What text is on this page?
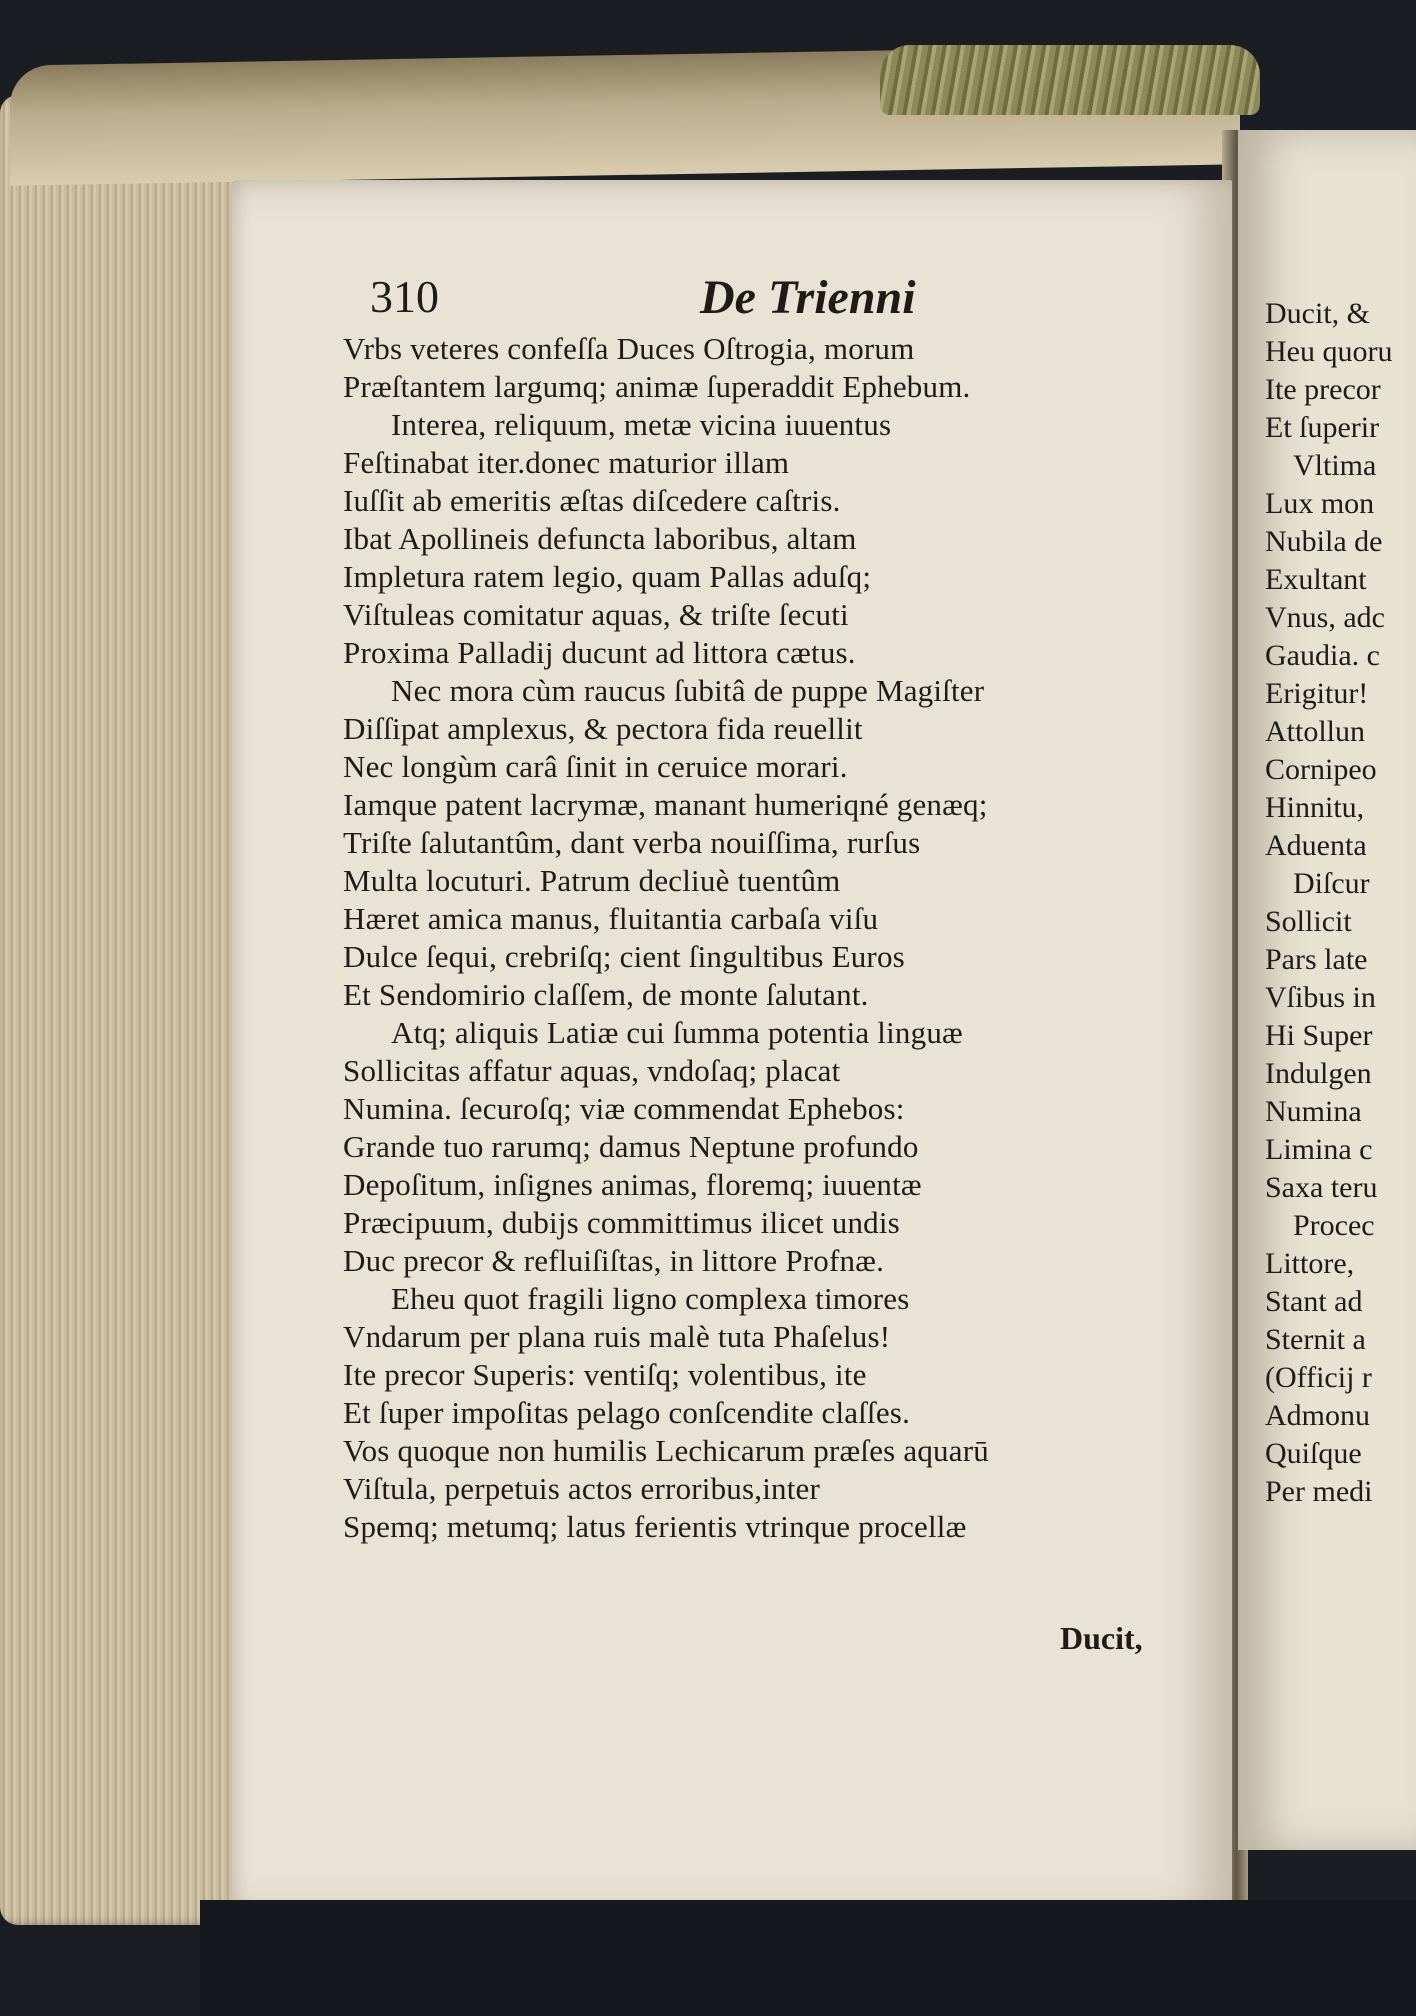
310	De Trienni
Vrbs veteres confeſſa Duces Oſtrogia, morum
Præſtantem largumq; animæ ſuperaddit Ephebum.
Interea, reliquum, metæ vicina iuuentus
Feſtinabat iter.donec maturior illam
Iuſſit ab emeritis æſtas diſcedere caſtris.
Ibat Apollineis defuncta laboribus, altam
Impletura ratem legio, quam Pallas aduſq;
Viſtuleas comitatur aquas, & triſte ſecuti
Proxima Palladij ducunt ad littora cætus.
Nec mora cùm raucus ſubitâ de puppe Magiſter
Diſſipat amplexus, & pectora fida reuellit
Nec longùm carâ ſinit in ceruice morari.
Iamque patent lacrymæ, manant humeriqné genæq;
Triſte ſalutantûm, dant verba nouiſſima, rurſus
Multa locuturi. Patrum decliuè tuentûm
Hæret amica manus, fluitantia carbaſa viſu
Dulce ſequi, crebriſq; cient ſingultibus Euros
Et Sendomirio claſſem, de monte ſalutant.
Atq; aliquis Latiæ cui ſumma potentia linguæ
Sollicitas affatur aquas, vndoſaq; placat
Numina. ſecuroſq; viæ commendat Ephebos:
Grande tuo rarumq; damus Neptune profundo
Depoſitum, inſignes animas, floremq; iuuentæ
Præcipuum, dubijs committimus ilicet undis
Duc precor & refluiſiſtas, in littore Profnæ.
Eheu quot fragili ligno complexa timores
Vndarum per plana ruis malè tuta Phaſelus!
Ite precor Superis: ventiſq; volentibus, ite
Et ſuper impoſitas pelago conſcendite claſſes.
Vos quoque non humilis Lechicarum præſes aquarū
Viſtula, perpetuis actos erroribus,inter
Spemq; metumq; latus ferientis vtrinque procellæ
Ducit,
Ducit, &
Heu quoru
Ite precor
Et ſuperir
Vltima
Lux mon
Nubila de
Exultant
Vnus, adc
Gaudia. c
Erigitur!
Attollun
Cornipeo
Hinnitu,
Aduenta
Diſcur
Sollicit
Pars late
Vſibus in
Hi Super
Indulgen
Numina
Limina c
Saxa teru
Procec
Littore,
Stant ad
Sternit a
(Officij r
Admonu
Quiſque
Per medi
